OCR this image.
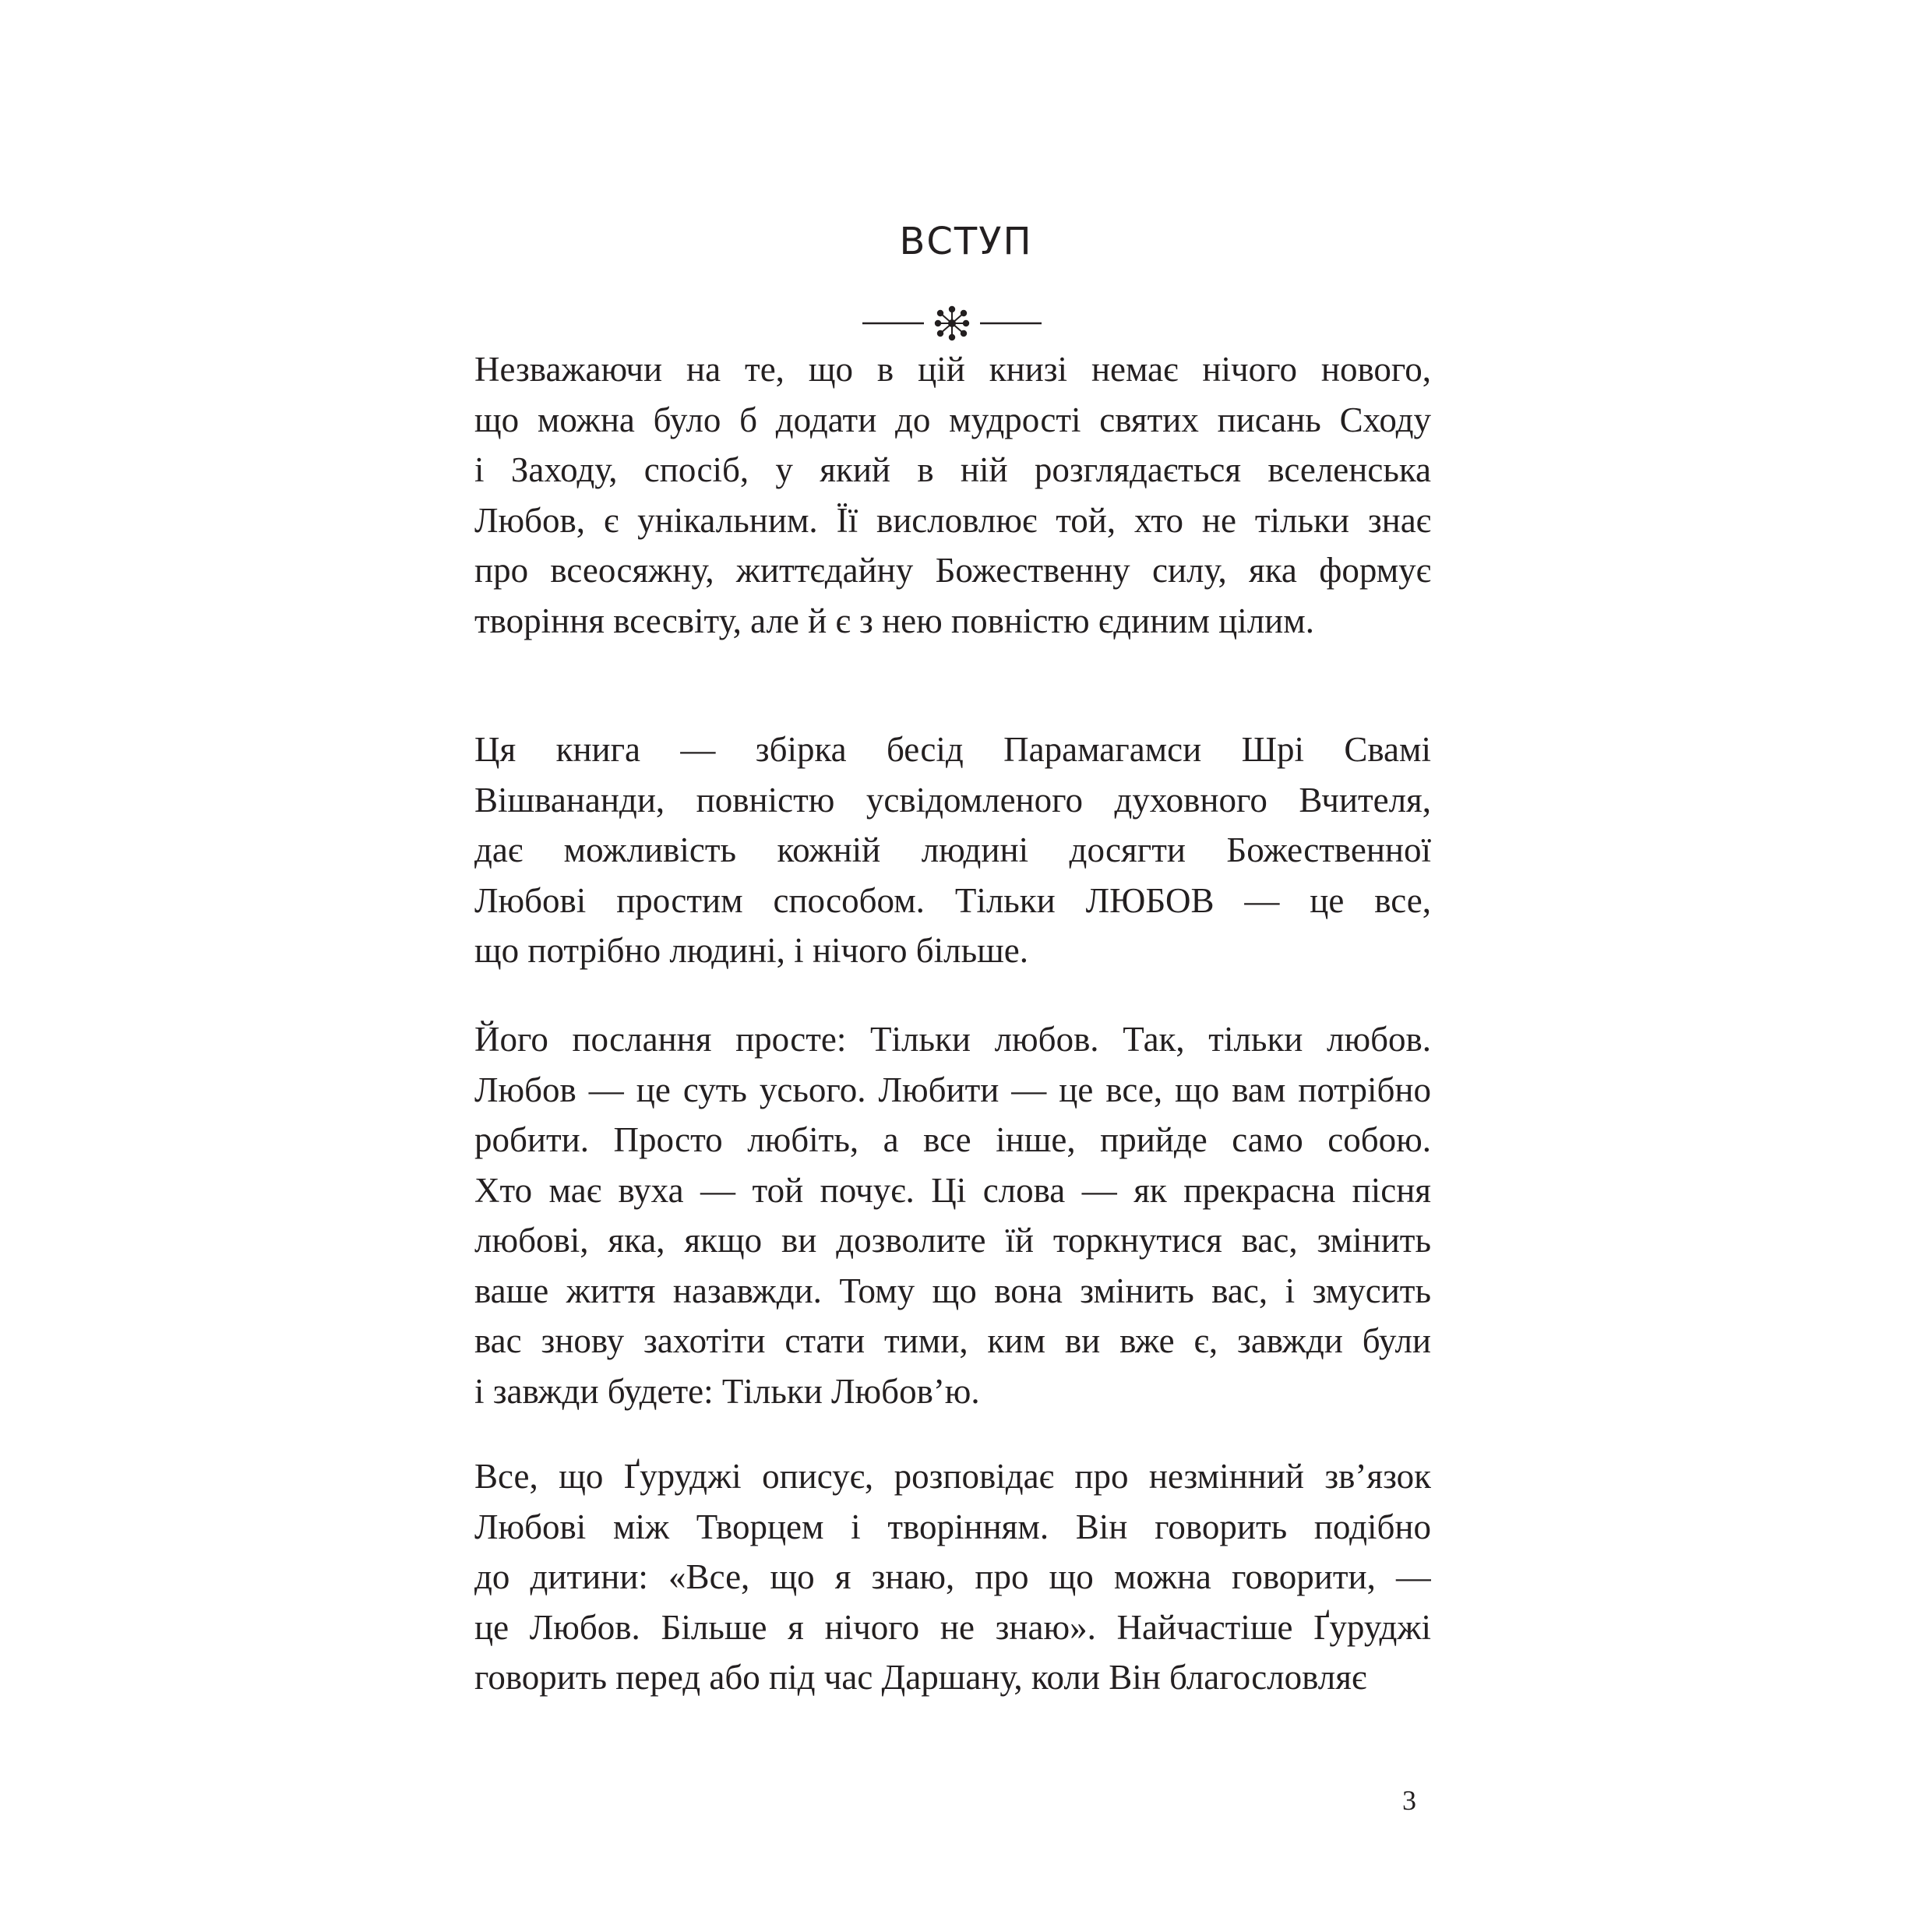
ВСТУП
Незважаючи на те, що в цій книзі немає нічого нового,
що можна було б додати до мудрості святих писань Сходу
і Заходу, спосіб, у який в ній розглядається вселенська
Любов, є унікальним. Її висловлює той, хто не тільки знає
про всеосяжну, життєдайну Божественну силу, яка формує
творіння всесвіту, але й є з нею повністю єдиним цілим.
Ця книга — збірка бесід Парамагамси Шрі Свамі
Вішвананди, повністю усвідомленого духовного Вчителя,
дає можливість кожній людині досягти Божественної
Любові простим способом. Тільки ЛЮБОВ — це все,
що потрібно людині, і нічого більше.
Його послання просте: Тільки любов. Так, тільки любов.
Любов — це суть усього. Любити — це все, що вам потрібно
робити. Просто любіть, а все інше, прийде само собою.
Хто має вуха — той почує. Ці слова — як прекрасна пісня
любові, яка, якщо ви дозволите їй торкнутися вас, змінить
ваше життя назавжди. Тому що вона змінить вас, і змусить
вас знову захотіти стати тими, ким ви вже є, завжди були
і завжди будете: Тільки Любов’ю.
Все, що Ґуруджі описує, розповідає про незмінний зв’язок
Любові між Творцем і творінням. Він говорить подібно
до дитини: «Все, що я знаю, про що можна говорити, —
це Любов. Більше я нічого не знаю». Найчастіше Ґуруджі
говорить перед або під час Даршану, коли Він благословляє
3
